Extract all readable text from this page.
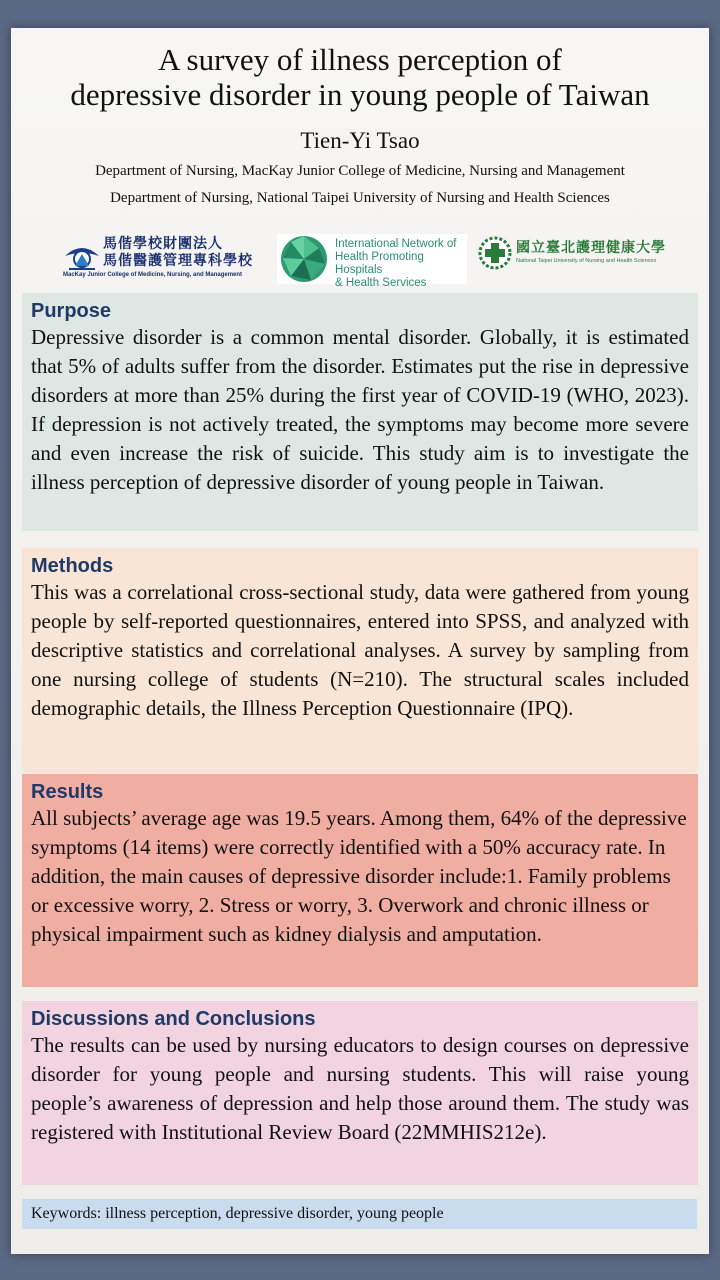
A survey of illness perception of
depressive disorder in young people of Taiwan
Tien-Yi Tsao
Department of Nursing, MacKay Junior College of Medicine, Nursing and Management
Department of Nursing, National Taipei University of Nursing and Health Sciences
馬偕學校財團法人
馬偕醫護管理專科學校
MacKay Junior College of Medicine, Nursing, and Management
International Network of
Health Promoting Hospitals
& Health Services
國立臺北護理健康大學
National Taipei University of Nursing and Health Sciences
Purpose

Depressive disorder is a common mental disorder. Globally, it is estimated that 5% of adults suffer from the disorder. Estimates put the rise in depressive disorders at more than 25% during the first year of COVID-19 (WHO, 2023). If depression is not actively treated, the symptoms may become more severe and even increase the risk of suicide. This study aim is to investigate the illness perception of depressive disorder of young people in Taiwan.

Methods

This was a correlational cross-sectional study, data were gathered from young people by self-reported questionnaires, entered into SPSS, and analyzed with descriptive statistics and correlational analyses. A survey by sampling from one nursing college of students (N=210). The structural scales included demographic details, the Illness Perception Questionnaire (IPQ).

Results

All subjects’ average age was 19.5 years. Among them, 64% of the depressive symptoms (14 items) were correctly identified with a 50% accuracy rate. In addition, the main causes of depressive disorder include:1. Family problems or excessive worry, 2. Stress or worry, 3. Overwork and chronic illness or physical impairment such as kidney dialysis and amputation.

Discussions and Conclusions

The results can be used by nursing educators to design courses on depressive disorder for young people and nursing students. This will raise young people’s awareness of depression and help those around them. The study was registered with Institutional Review Board (22MMHIS212e).

Keywords: illness perception, depressive disorder, young people
